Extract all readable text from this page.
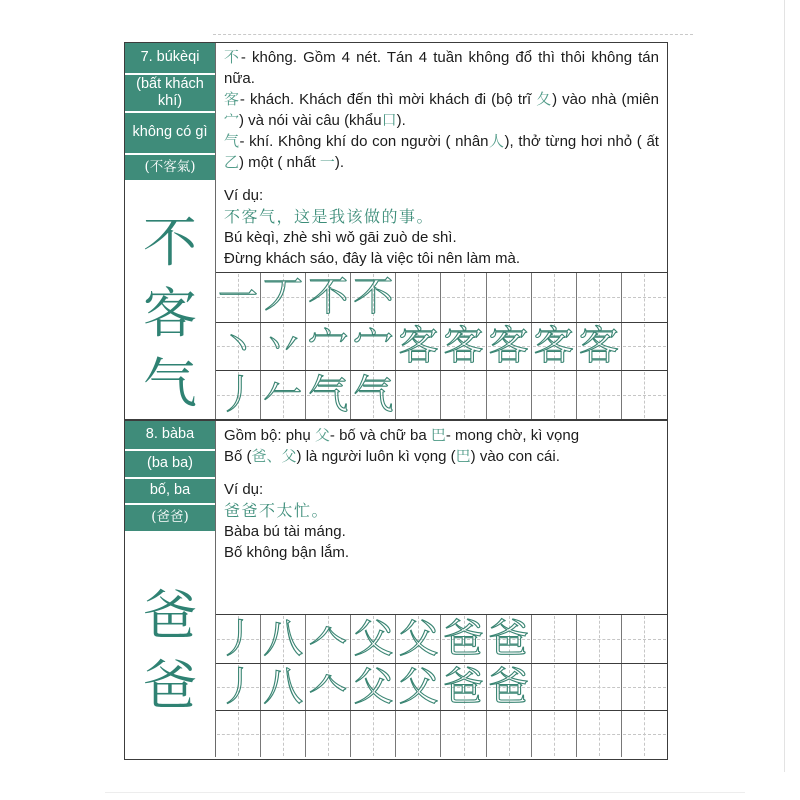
7. búkèqi
(bất khách khí)
không có gì
(不客氣)
不
客
气

不- không. Gồm 4 nét. Tán 4 tuần không đổ thì thôi không tán nữa.

客- khách. Khách đến thì mời khách đi (bộ trĩ 夂) vào nhà (miên宀) và nói vài câu (khẩu口).

气- khí. Không khí do con người ( nhân人), thở từng hơi nhỏ ( ất 乙) một ( nhất 一).

Ví dụ:

不客气，这是我该做的事。

Bú kèqì, zhè shì wǒ gāi zuò de shì.

Đừng khách sáo, đây là việc tôi nên làm mà.

一 丆 不 不
丶 丷 宀 宀 客 客 客 客 客
丿 𠂉 气 气
8. bàba
(ba ba)
bố, ba
(爸爸)
爸
爸

Gồm bộ: phụ 父- bố và chữ ba 巴- mong chờ, kì vọng

Bố (爸、父) là người luôn kì vọng (巴) vào con cái.

Ví dụ:

爸爸不太忙。

Bàba bú tài máng.

Bố không bận lắm.

丿 八 𠆢 父 父 爸 爸
丿 八 𠆢 父 父 爸 爸
